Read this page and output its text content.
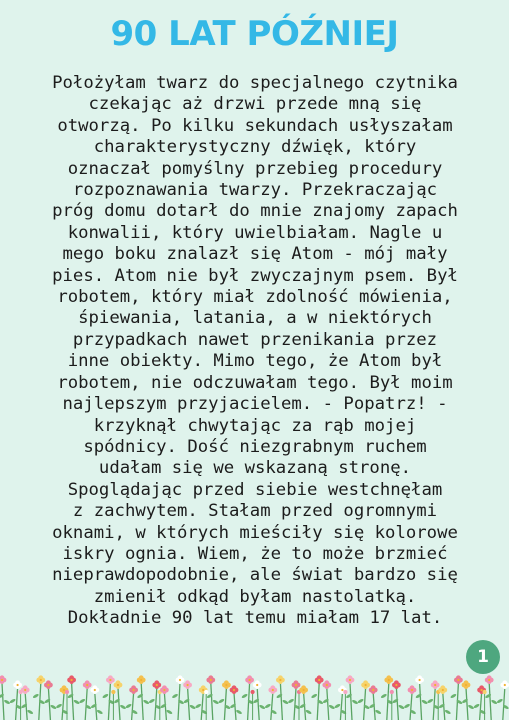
90 LAT PÓŹNIEJ

Położyłam twarz do specjalnego czytnika
czekając aż drzwi przede mną się
otworzą. Po kilku sekundach usłyszałam
charakterystyczny dźwięk, który
oznaczał pomyślny przebieg procedury
rozpoznawania twarzy. Przekraczając
próg domu dotarł do mnie znajomy zapach
konwalii, który uwielbiałam. Nagle u
mego boku znalazł się Atom - mój mały
pies. Atom nie był zwyczajnym psem. Był
robotem, który miał zdolność mówienia,
śpiewania, latania, a w niektórych
przypadkach nawet przenikania przez
inne obiekty. Mimo tego, że Atom był
robotem, nie odczuwałam tego. Był moim
najlepszym przyjacielem. - Popatrz! -
krzyknął chwytając za rąb mojej
spódnicy. Dość niezgrabnym ruchem
udałam się we wskazaną stronę.
Spoglądając przed siebie westchnęłam
z zachwytem. Stałam przed ogromnymi
oknami, w których mieściły się kolorowe
iskry ognia. Wiem, że to może brzmieć
nieprawdopodobnie, ale świat bardzo się
zmienił odkąd byłam nastolatką.
Dokładnie 90 lat temu miałam 17 lat.

1
